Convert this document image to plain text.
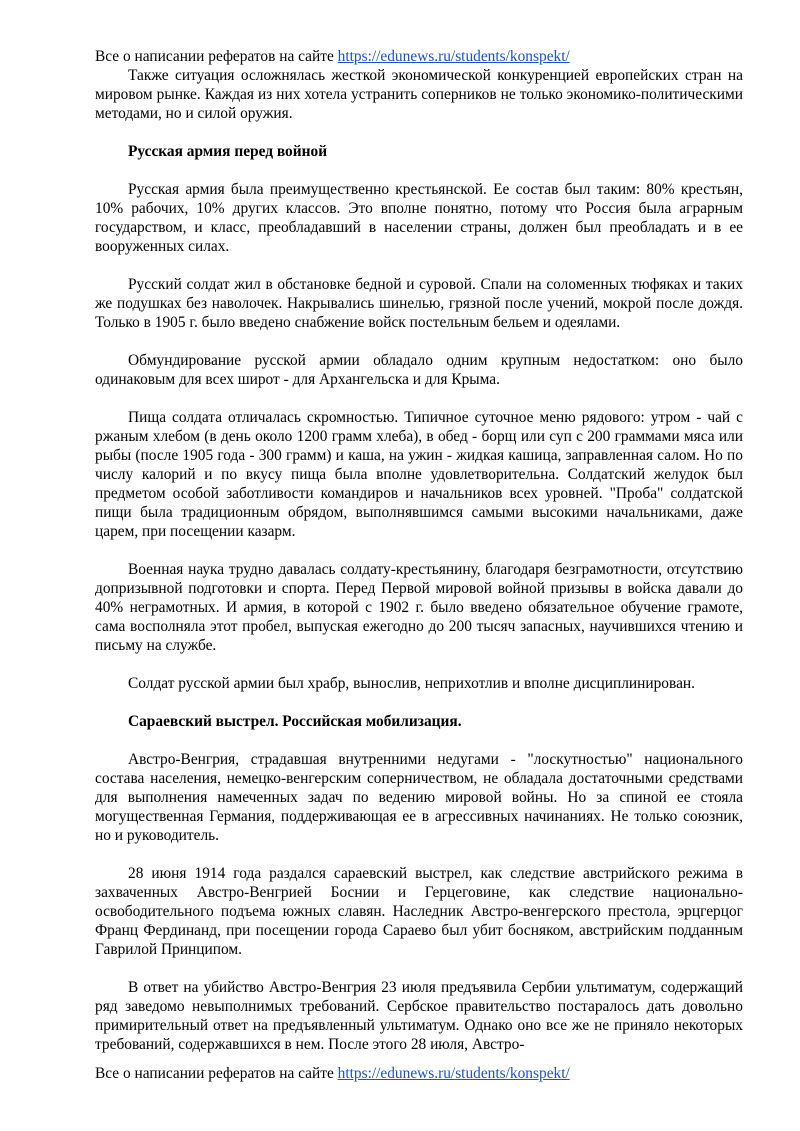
Все о написании рефератов на сайте https://edunews.ru/students/konspekt/

Также ситуация осложнялась жесткой экономической конкуренцией европейских стран на мировом рынке. Каждая из них хотела устранить соперников не только экономико-политическими методами, но и силой оружия.

Русская армия перед войной

Русская армия была преимущественно крестьянской. Ее состав был таким: 80% крестьян, 10% рабочих, 10% других классов. Это вполне понятно, потому что Россия была аграрным государством, и класс, преобладавший в населении страны, должен был преобладать и в ее вооруженных силах.

Русский солдат жил в обстановке бедной и суровой. Спали на соломенных тюфяках и таких же подушках без наволочек. Накрывались шинелью, грязной после учений, мокрой после дождя. Только в 1905 г. было введено снабжение войск постельным бельем и одеялами.

Обмундирование русской армии обладало одним крупным недостатком: оно было одинаковым для всех широт - для Архангельска и для Крыма.

Пища солдата отличалась скромностью. Типичное суточное меню рядового: утром - чай с ржаным хлебом (в день около 1200 грамм хлеба), в обед - борщ или суп с 200 граммами мяса или рыбы (после 1905 года - 300 грамм) и каша, на ужин - жидкая кашица, заправленная салом. Но по числу калорий и по вкусу пища была вполне удовлетворительна. Солдатский желудок был предметом особой заботливости командиров и начальников всех уровней. "Проба" солдатской пищи была традиционным обрядом, выполнявшимся самыми высокими начальниками, даже царем, при посещении казарм.

Военная наука трудно давалась солдату-крестьянину, благодаря безграмотности, отсутствию допризывной подготовки и спорта. Перед Первой мировой войной призывы в войска давали до 40% неграмотных. И армия, в которой с 1902 г. было введено обязательное обучение грамоте, сама восполняла этот пробел, выпуская ежегодно до 200 тысяч запасных, научившихся чтению и письму на службе.

Солдат русской армии был храбр, вынослив, неприхотлив и вполне дисциплинирован.

Сараевский выстрел. Российская мобилизация.

Австро-Венгрия, страдавшая внутренними недугами - "лоскутностью" национального состава населения, немецко-венгерским соперничеством, не обладала достаточными средствами для выполнения намеченных задач по ведению мировой войны. Но за спиной ее стояла могущественная Германия, поддерживающая ее в агрессивных начинаниях. Не только союзник, но и руководитель.

28 июня 1914 года раздался сараевский выстрел, как следствие австрийского режима в захваченных Австро-Венгрией Боснии и Герцеговине, как следствие национально-освободительного подъема южных славян. Наследник Австро-венгерского престола, эрцгерцог Франц Фердинанд, при посещении города Сараево был убит босняком, австрийским подданным Гаврилой Принципом.

В ответ на убийство Австро-Венгрия 23 июля предъявила Сербии ультиматум, содержащий ряд заведомо невыполнимых требований. Сербское правительство постаралось дать довольно примирительный ответ на предъявленный ультиматум. Однако оно все же не приняло некоторых требований, содержавшихся в нем. После этого 28 июля, Австро-

Все о написании рефератов на сайте https://edunews.ru/students/konspekt/
